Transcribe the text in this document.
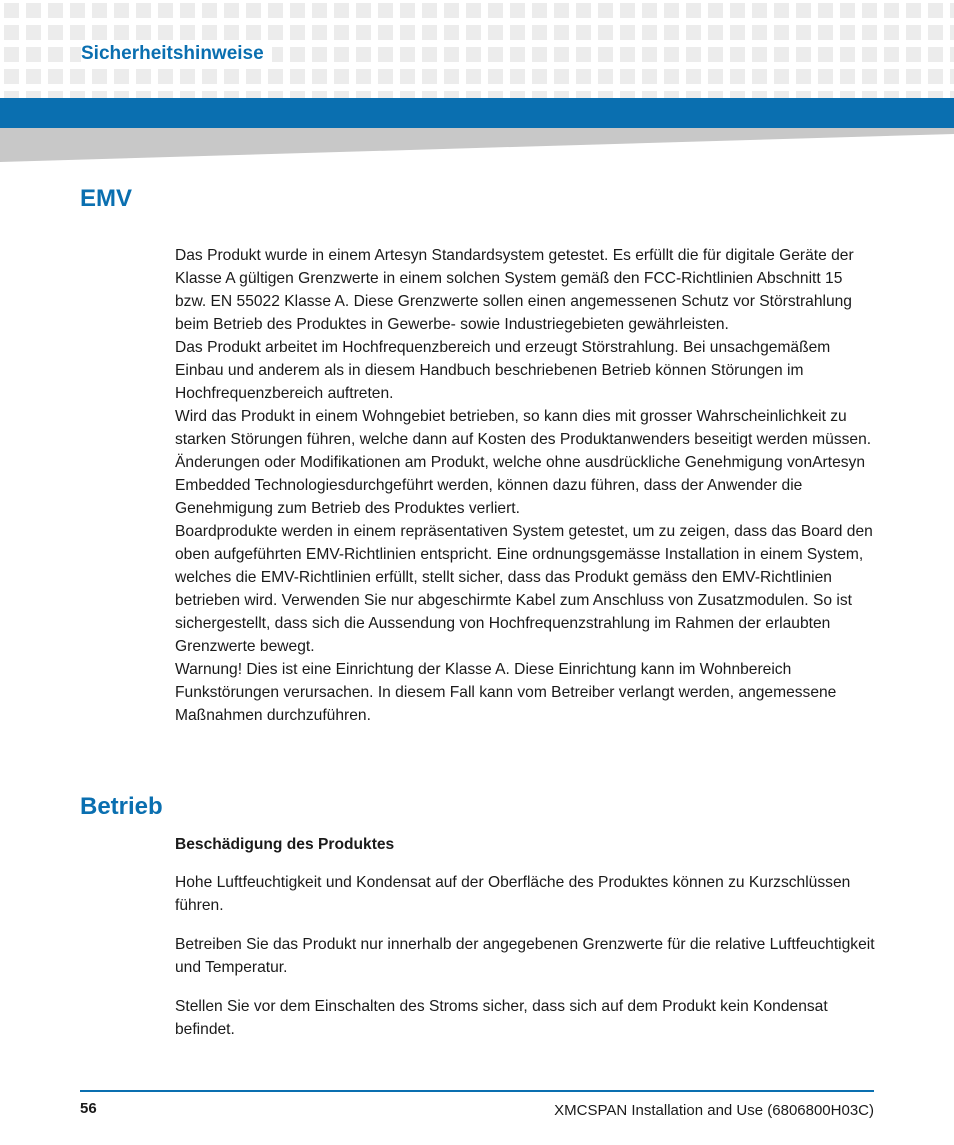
Sicherheitshinweise
EMV

Das Produkt wurde in einem Artesyn Standardsystem getestet. Es erfüllt die für digitale Geräte der Klasse A gültigen Grenzwerte in einem solchen System gemäß den FCC-Richtlinien Abschnitt 15 bzw. EN 55022 Klasse A. Diese Grenzwerte sollen einen angemessenen Schutz vor Störstrahlung beim Betrieb des Produktes in Gewerbe- sowie Industriegebieten gewährleisten.

Das Produkt arbeitet im Hochfrequenzbereich und erzeugt Störstrahlung. Bei unsachgemäßem Einbau und anderem als in diesem Handbuch beschriebenen Betrieb können Störungen im Hochfrequenzbereich auftreten.

Wird das Produkt in einem Wohngebiet betrieben, so kann dies mit grosser Wahrscheinlichkeit zu starken Störungen führen, welche dann auf Kosten des Produktanwenders beseitigt werden müssen. Änderungen oder Modifikationen am Produkt, welche ohne ausdrückliche Genehmigung vonArtesyn Embedded Technologiesdurchgeführt werden, können dazu führen, dass der Anwender die Genehmigung zum Betrieb des Produktes verliert.

Boardprodukte werden in einem repräsentativen System getestet, um zu zeigen, dass das Board den oben aufgeführten EMV-Richtlinien entspricht. Eine ordnungsgemässe Installation in einem System, welches die EMV-Richtlinien erfüllt, stellt sicher, dass das Produkt gemäss den EMV-Richtlinien betrieben wird. Verwenden Sie nur abgeschirmte Kabel zum Anschluss von Zusatzmodulen. So ist sichergestellt, dass sich die Aussendung von Hochfrequenzstrahlung im Rahmen der erlaubten Grenzwerte bewegt.

Warnung! Dies ist eine Einrichtung der Klasse A. Diese Einrichtung kann im Wohnbereich Funkstörungen verursachen. In diesem Fall kann vom Betreiber verlangt werden, angemessene Maßnahmen durchzuführen.

Betrieb
Beschädigung des Produktes
Hohe Luftfeuchtigkeit und Kondensat auf der Oberfläche des Produktes können zu Kurzschlüssen führen.
Betreiben Sie das Produkt nur innerhalb der angegebenen Grenzwerte für die relative Luftfeuchtigkeit und Temperatur.
Stellen Sie vor dem Einschalten des Stroms sicher, dass sich auf dem Produkt kein Kondensat befindet.
56	XMCSPAN Installation and Use (6806800H03C)
